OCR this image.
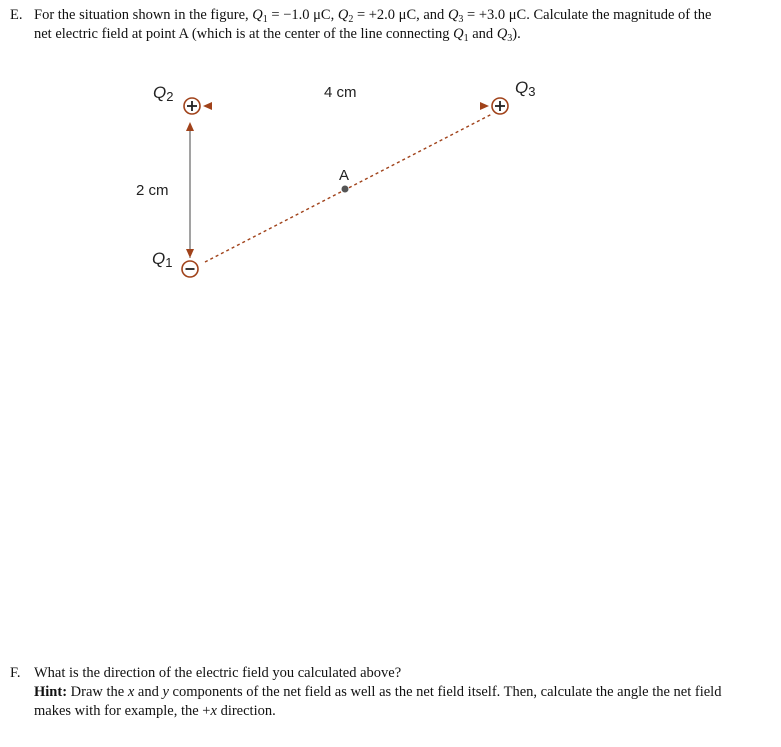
E. For the situation shown in the figure, $Q_1 = -1.0$ μC, $Q_2 = +2.0$ μC, and $Q_3 = +3.0$ μC. Calculate the magnitude of the
net electric field at point A (which is at the center of the line connecting $Q_1$ and $Q_3$).
Q2	Q3
Q1
4 cm
2 cm
A
F. What is the direction of the electric field you calculated above?
Hint: Draw the x and y components of the net field as well as the net field itself. Then, calculate the angle the net field
makes with for example, the +x direction.
